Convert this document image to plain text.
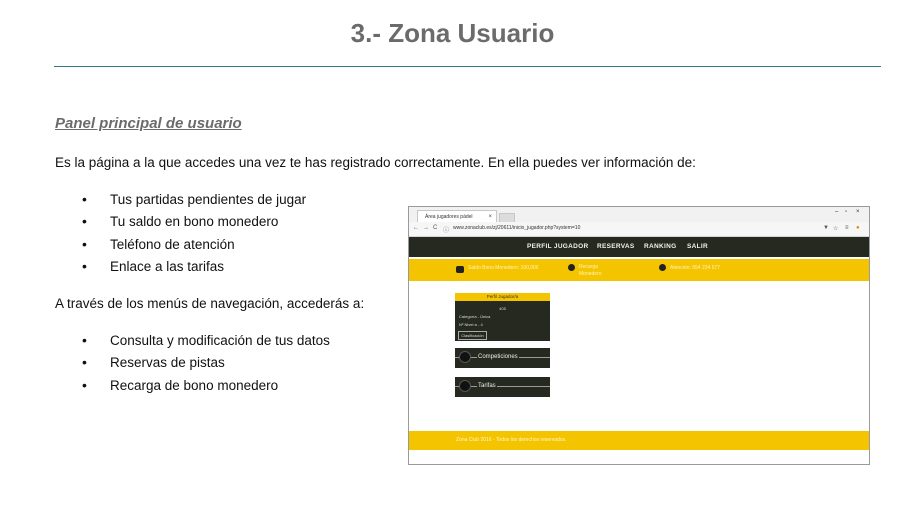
3.- Zona Usuario
Panel principal de usuario
Es la página a la que accedes una vez te has registrado correctamente. En ella puedes ver información de:
• Tus partidas pendientes de jugar
• Tu saldo en bono monedero
• Teléfono de atención
• Enlace a las tarifas
A través de los menús de navegación, accederás a:
• Consulta y modificación de tus datos
• Reservas de pistas
• Recarga de bono monedero
Área jugadores pádel	×
– ▫ ×
← → C ⓘ www.zonaclub.es/zj/20611/inicio_jugador.php?system=10	▼ ☆ ≡ ●
PERFIL JUGADOR RESERVAS RANKING SALIR
Saldo Bono Monedero: 100,00€	Recarga
Monedero
Atención: 654 234 577
Perfil Jugador/a
405
Categoría - Única
Nº Nivel·a - 4
Clasificación
Competiciones
Tarifas
Zona Club 2016 - Todos los derechos reservados.
